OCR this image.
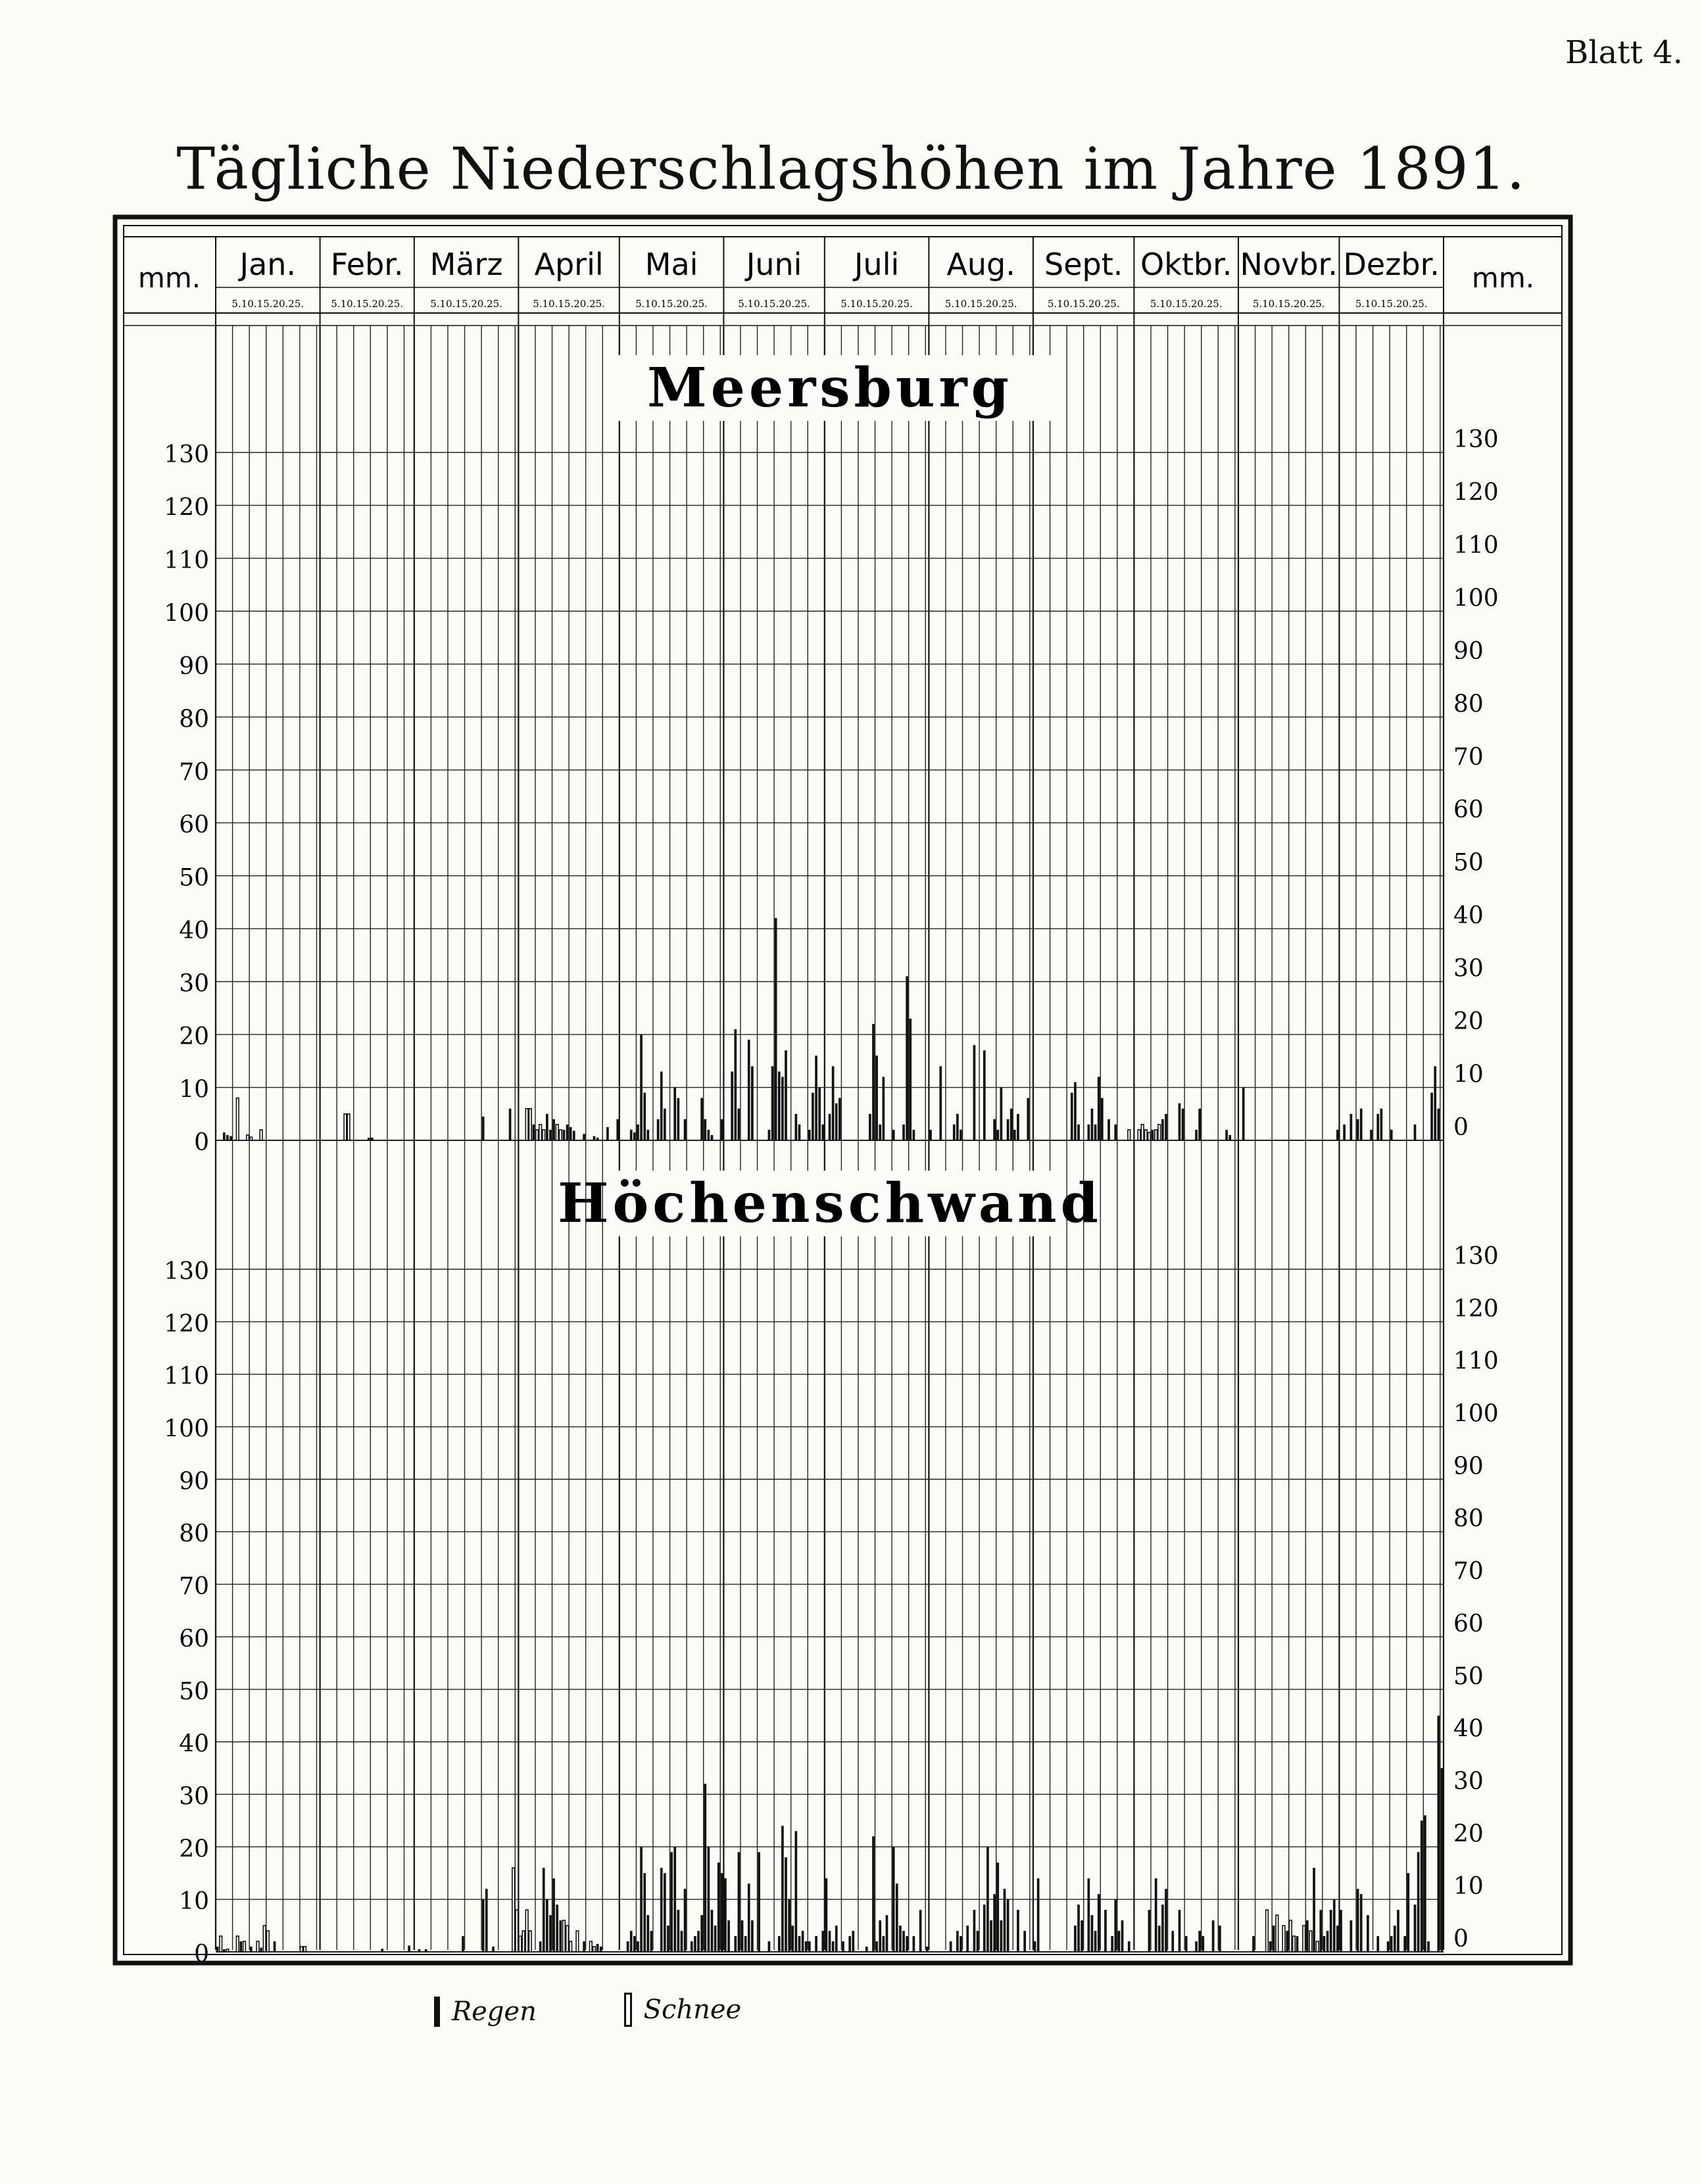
Blatt 4.
Tägliche Niederschlagshöhen im Jahre 1891.
mm.	mm.
Jan.
5.10.15.20.25.
Febr.
5.10.15.20.25.
März
5.10.15.20.25.
April
5.10.15.20.25.
Mai
5.10.15.20.25.
Juni
5.10.15.20.25.
Juli
5.10.15.20.25.
Aug.
5.10.15.20.25.
Sept.
5.10.15.20.25.
Oktbr.
5.10.15.20.25.
Novbr.
5.10.15.20.25.
Dezbr.
5.10.15.20.25.
0
0
10
10
20
20
30
30
40
40
50
50
60
60
70
70
80
80
90
90
100
100
110
110
120
120
130
130
Meersburg
0
0
10
10
20
20
30
30
40
40
50
50
60
60
70
70
80
80
90
90
100
100
110
110
120
120
130
130
Höchenschwand
Regen
	Schnee
